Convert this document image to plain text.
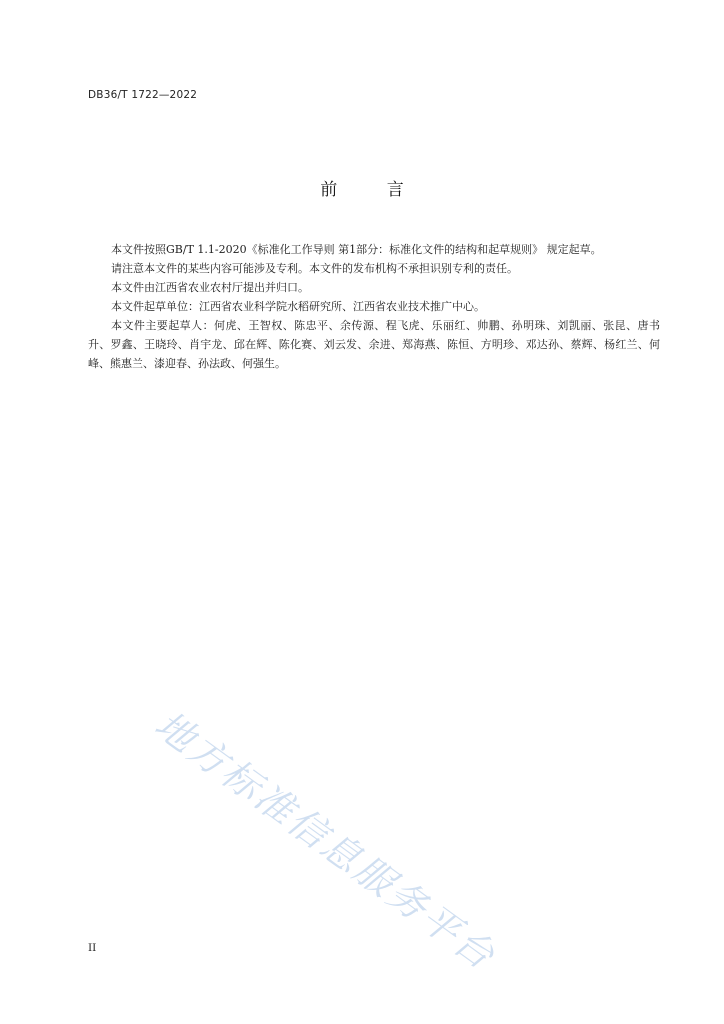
DB36/T 1722—2022
前 言

本文件按照GB/T 1.1-2020《标准化工作导则 第1部分：标准化文件的结构和起草规则》 规定起草。

请注意本文件的某些内容可能涉及专利。本文件的发布机构不承担识别专利的责任。

本文件由江西省农业农村厅提出并归口。

本文件起草单位：江西省农业科学院水稻研究所、江西省农业技术推广中心。

本文件主要起草人：何虎、王智权、陈忠平、余传源、程飞虎、乐丽红、帅鹏、孙明珠、刘凯丽、张昆、唐书升、罗鑫、王晓玲、肖宇龙、邱在辉、陈化赛、刘云发、余进、郑海燕、陈恒、方明珍、邓达孙、蔡辉、杨红兰、何峰、熊惠兰、漆迎春、孙法政、何强生。

地方标准信息服务平台
II
